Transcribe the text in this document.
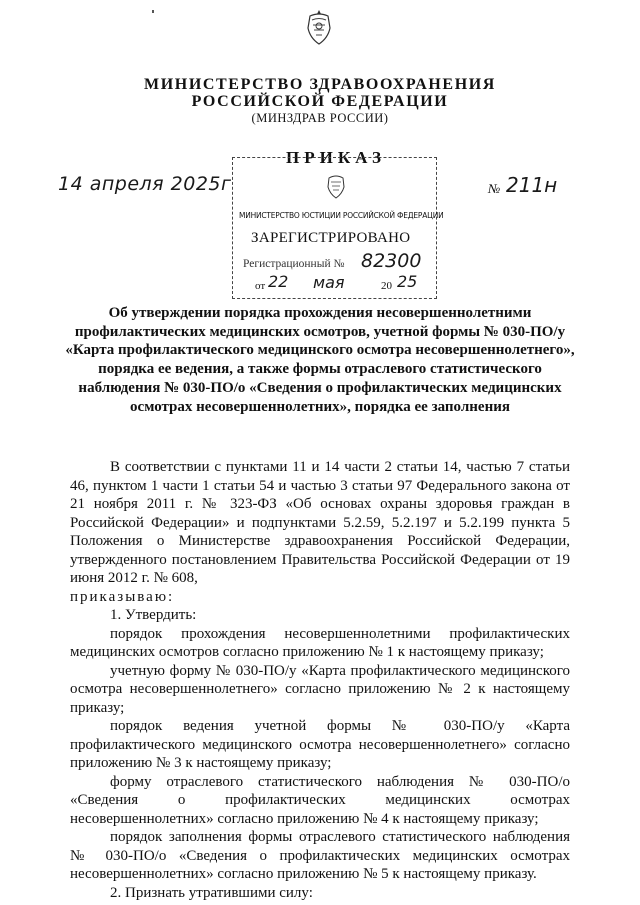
МИНИСТЕРСТВО ЗДРАВООХРАНЕНИЯ
РОССИЙСКОЙ ФЕДЕРАЦИИ
(МИНЗДРАВ РОССИИ)
ПРИКАЗ
14 апреля 2025г	№ 211н
МИНИСТЕРСТВО ЮСТИЦИИ РОССИЙСКОЙ ФЕДЕРАЦИИ
ЗАРЕГИСТРИРОВАНО
Регистрационный № 82300
от 22 мая	20 25
Об утверждении порядка прохождения несовершеннолетними
профилактических медицинских осмотров, учетной формы № 030-ПО/у
«Карта профилактического медицинского осмотра несовершеннолетнего»,
порядка ее ведения, а также формы отраслевого статистического
наблюдения № 030-ПО/о «Сведения о профилактических медицинских
осмотрах несовершеннолетних», порядка ее заполнения

В соответствии с пунктами 11 и 14 части 2 статьи 14, частью 7 статьи 46, пунктом 1 части 1 статьи 54 и частью 3 статьи 97 Федерального закона от 21 ноября 2011 г. № 323-ФЗ «Об основах охраны здоровья граждан в Российской Федерации» и подпунктами 5.2.59, 5.2.197 и 5.2.199 пункта 5 Положения о Министерстве здравоохранения Российской Федерации, утвержденного постановлением Правительства Российской Федерации от 19 июня 2012 г. № 608,

приказываю:

1. Утвердить:

порядок прохождения несовершеннолетними профилактических медицинских осмотров согласно приложению № 1 к настоящему приказу;

учетную форму № 030-ПО/у «Карта профилактического медицинского осмотра несовершеннолетнего» согласно приложению № 2 к настоящему приказу;

порядок ведения учетной формы № 030-ПО/у «Карта профилактического медицинского осмотра несовершеннолетнего» согласно приложению № 3 к настоящему приказу;

форму отраслевого статистического наблюдения № 030-ПО/о «Сведения о профилактических медицинских осмотрах несовершеннолетних» согласно приложению № 4 к настоящему приказу;

порядок заполнения формы отраслевого статистического наблюдения № 030-ПО/о «Сведения о профилактических медицинских осмотрах несовершеннолетних» согласно приложению № 5 к настоящему приказу.

2. Признать утратившими силу:
